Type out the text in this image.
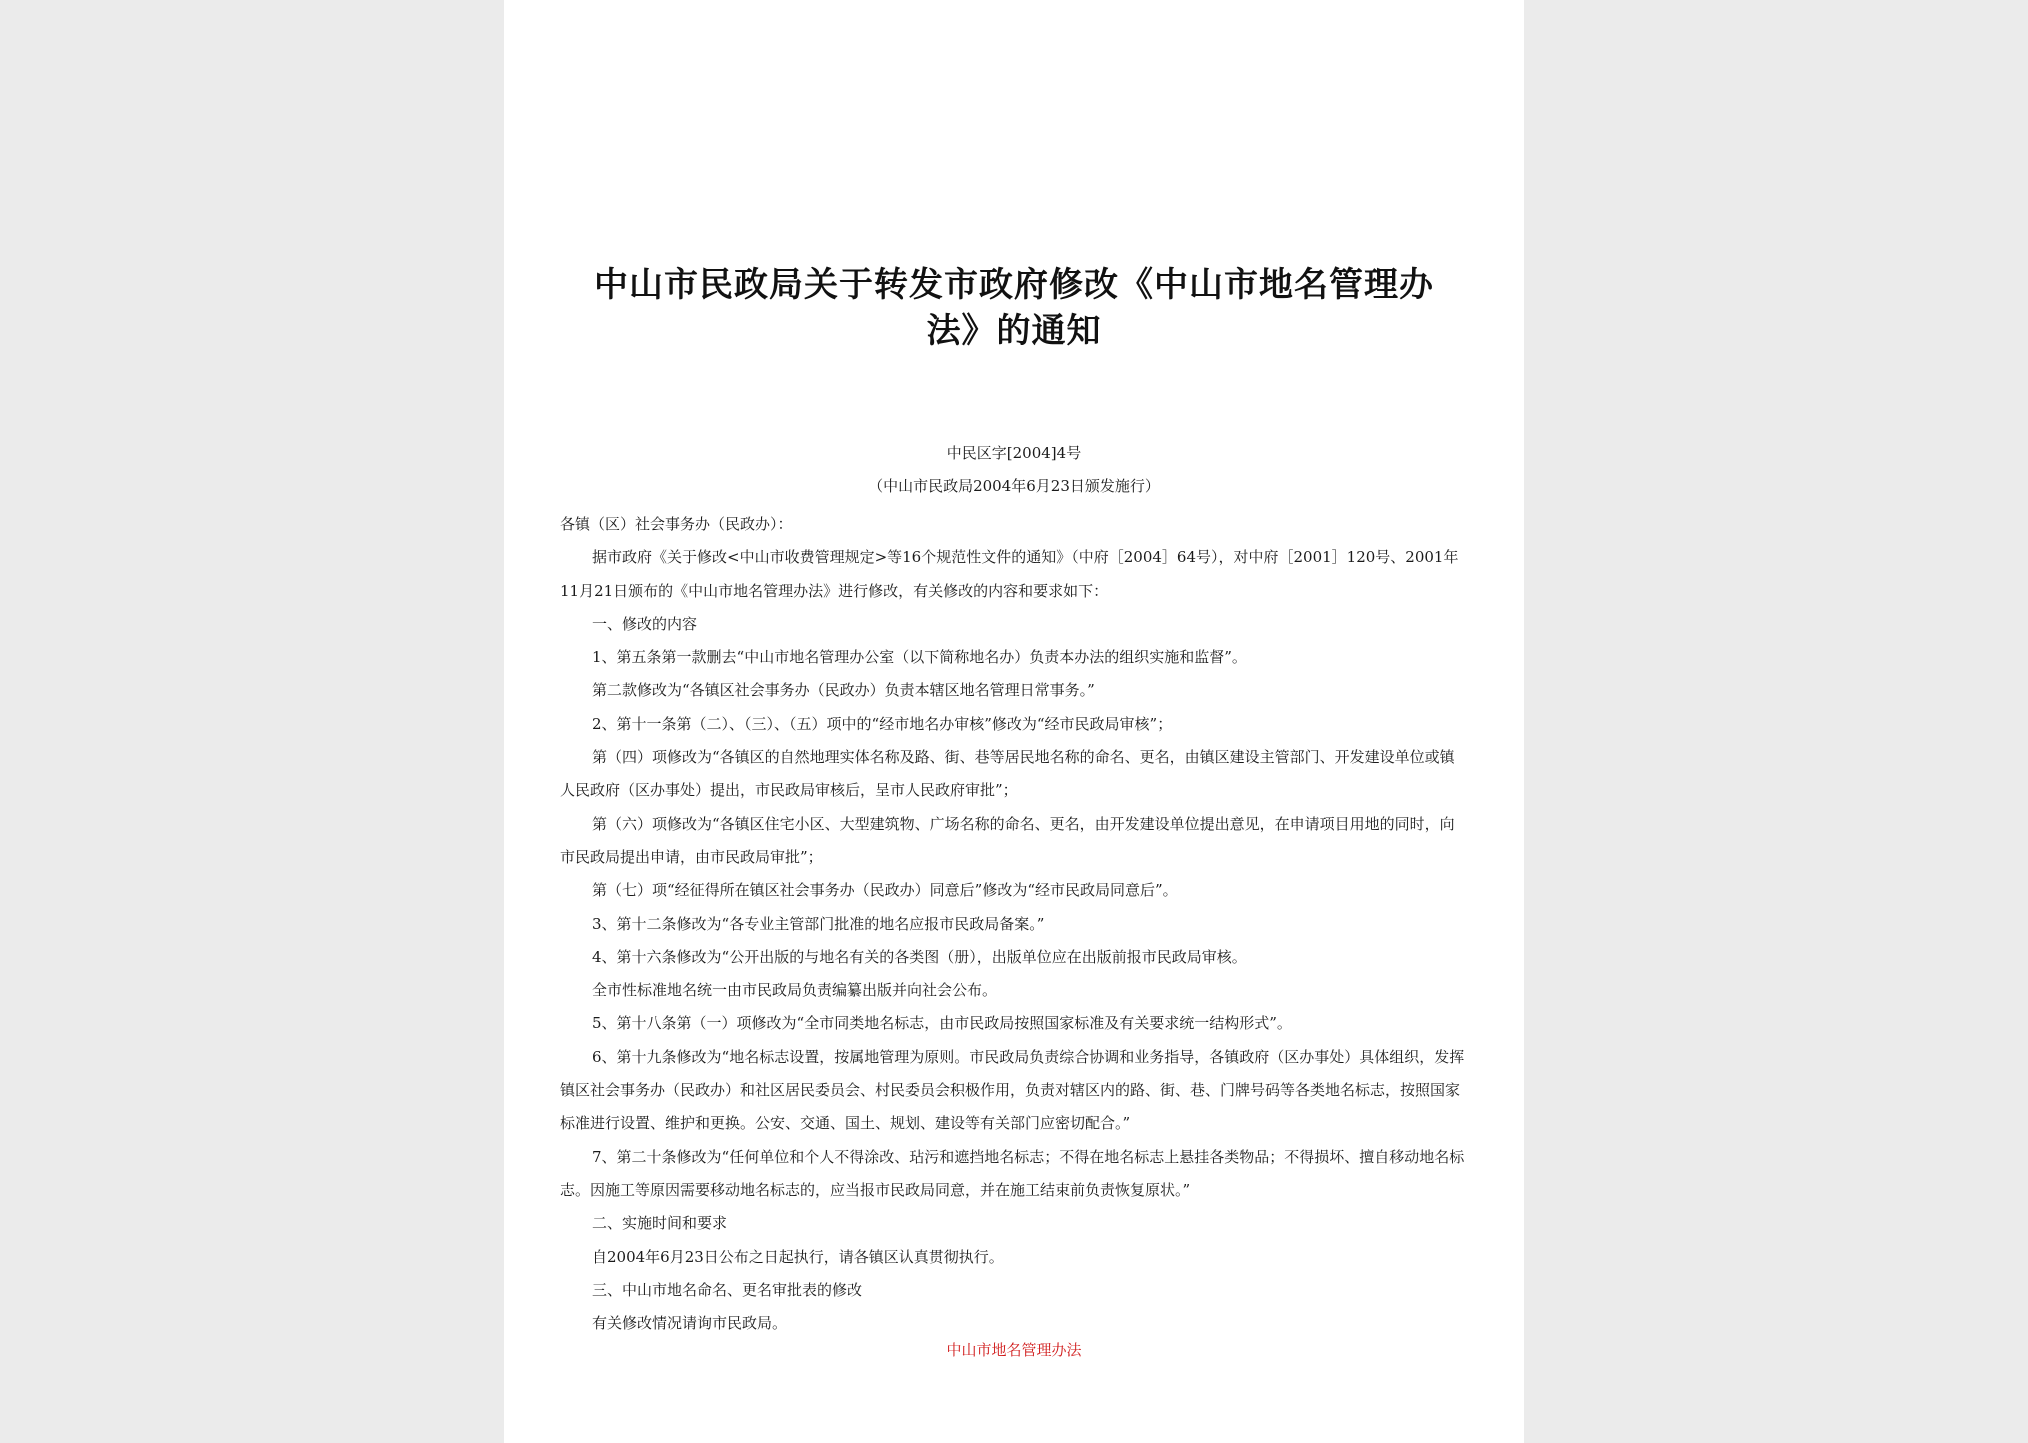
中山市民政局关于转发市政府修改《中山市地名管理办
法》的通知
中民区字[2004]4号
（中山市民政局2004年6月23日颁发施行）

各镇（区）社会事务办（民政办）：

据市政府《关于修改<中山市收费管理规定>等16个规范性文件的通知》（中府［2004］64号），对中府［2001］120号、2001年11月21日颁布的《中山市地名管理办法》进行修改，有关修改的内容和要求如下：

一、修改的内容

1、第五条第一款删去“中山市地名管理办公室（以下简称地名办）负责本办法的组织实施和监督”。

第二款修改为“各镇区社会事务办（民政办）负责本辖区地名管理日常事务。”

2、第十一条第（二）、（三）、（五）项中的“经市地名办审核”修改为“经市民政局审核”；

第（四）项修改为“各镇区的自然地理实体名称及路、街、巷等居民地名称的命名、更名，由镇区建设主管部门、开发建设单位或镇人民政府（区办事处）提出，市民政局审核后，呈市人民政府审批”；

第（六）项修改为“各镇区住宅小区、大型建筑物、广场名称的命名、更名，由开发建设单位提出意见，在申请项目用地的同时，向市民政局提出申请，由市民政局审批”；

第（七）项“经征得所在镇区社会事务办（民政办）同意后”修改为“经市民政局同意后”。

3、第十二条修改为“各专业主管部门批准的地名应报市民政局备案。”

4、第十六条修改为“公开出版的与地名有关的各类图（册），出版单位应在出版前报市民政局审核。

全市性标准地名统一由市民政局负责编纂出版并向社会公布。

5、第十八条第（一）项修改为“全市同类地名标志，由市民政局按照国家标准及有关要求统一结构形式”。

6、第十九条修改为“地名标志设置，按属地管理为原则。市民政局负责综合协调和业务指导，各镇政府（区办事处）具体组织，发挥镇区社会事务办（民政办）和社区居民委员会、村民委员会积极作用，负责对辖区内的路、街、巷、门牌号码等各类地名标志，按照国家标准进行设置、维护和更换。公安、交通、国土、规划、建设等有关部门应密切配合。”

7、第二十条修改为“任何单位和个人不得涂改、玷污和遮挡地名标志；不得在地名标志上悬挂各类物品；不得损坏、擅自移动地名标志。因施工等原因需要移动地名标志的，应当报市民政局同意，并在施工结束前负责恢复原状。”

二、实施时间和要求

自2004年6月23日公布之日起执行，请各镇区认真贯彻执行。

三、中山市地名命名、更名审批表的修改

有关修改情况请询市民政局。

中山市地名管理办法
